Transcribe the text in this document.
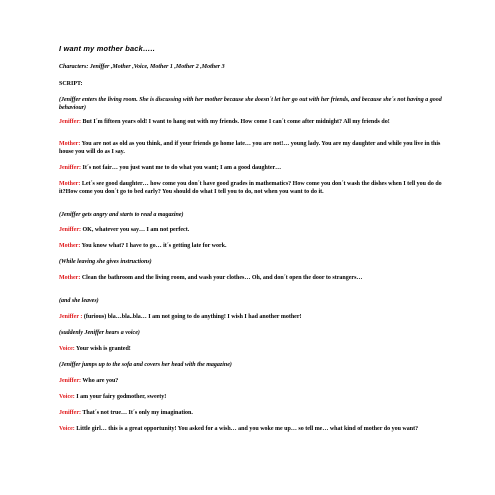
I want my mother back…..
Characters: Jeniffer ,Mother ,Voice, Mother 1 ,Mother 2 ,Mother 3
SCRIPT:

(Jeniffer enters the living room. She is discussing with her mother because she doesn´t let her go out with her friends, and because she´s not having a good behaviour)

Jeniffer: But I´m fifteen years old! I want to hang out with my friends. How come I can´t come after midnight? All my friends do!

Mother: You are not as old as you think, and if your friends go home late… you are not!… young lady. You are my daughter and while you live in this house you will do as I say.

Jeniffer: It´s not fair… you just want me to do what you want; I am a good daughter…

Mother: Let´s see good daughter… how come you don´t have good grades in mathematics? How come you don´t wash the dishes when I tell you do do it?How come you don´t go to bed early? You should do what I tell you to do, not when you want to do it.

(Jeniffer gets angry and starts to read a magazine)

Jeniffer: OK, whatever you say… I am not perfect.

Mother: You know what? I have to go… it´s getting late for work.

(While leaving she gives instructions)

Mother: Clean the bathroom and the living room, and wash your clothes… Oh, and don´t open the door to strangers…

(and she leaves)

Jeniffer : (furious) bla…bla..bla… I am not going to do anything! I wish I had another mother!

(suddenly Jeniffer hears a voice)

Voice: Your wish is granted!

(Jeniffer jumps up to the sofa and covers her head with the magazine)

Jeniffer: Who are you?

Voice: I am your fairy godmother, sweety!

Jeniffer: That´s not true… It´s only my imagination.

Voice: Little girl… this is a great opportunity! You asked for a wish… and you woke me up… so tell me… what kind of mother do you want?
